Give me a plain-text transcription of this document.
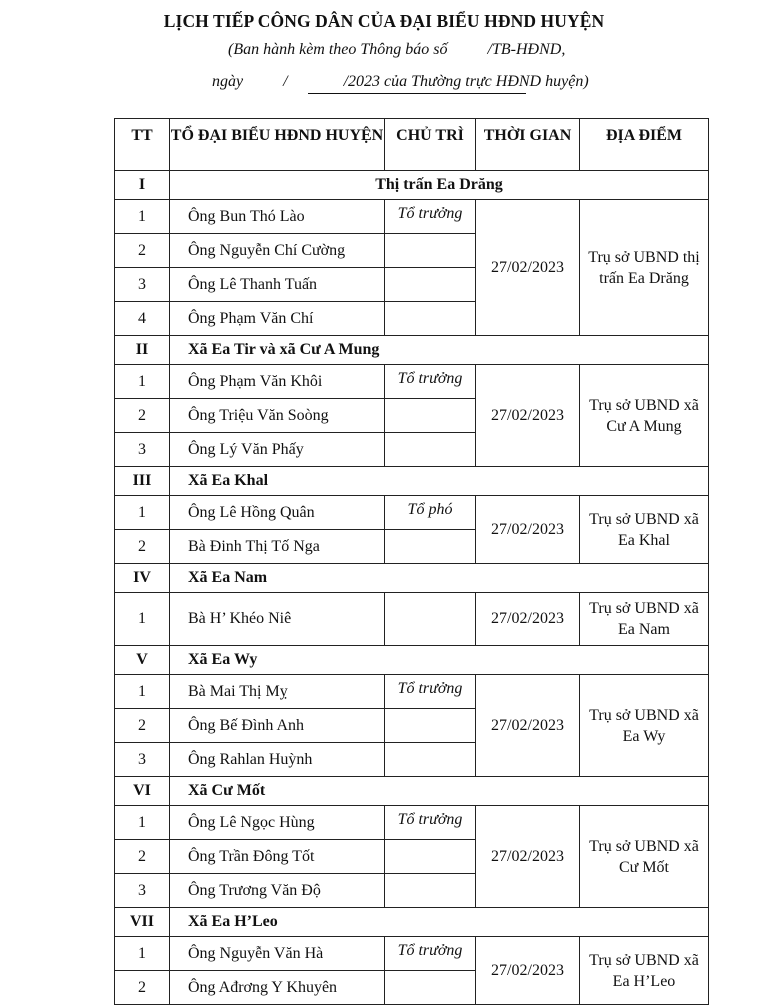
LỊCH TIẾP CÔNG DÂN CỦA ĐẠI BIỂU HĐND HUYỆN
(Ban hành kèm theo Thông báo số	/TB-HĐND,
ngày	/	/2023 của Thường trực HĐND huyện)
TT	TỔ ĐẠI BIỂU HĐND HUYỆN	CHỦ TRÌ	THỜI GIAN	ĐỊA ĐIỂM
I	Thị trấn Ea Drăng			
1	Ông Bun Thó Lào	Tổ trưởng	27/02/2023	Trụ sở UBND thị trấn Ea Drăng
2	Ông Nguyễn Chí Cường			
3	Ông Lê Thanh Tuấn			
4	Ông Phạm Văn Chí			
II	Xã Ea Tir và xã Cư A Mung			
1	Ông Phạm Văn Khôi	Tổ trưởng	27/02/2023	Trụ sở UBND xã Cư A Mung
2	Ông Triệu Văn Soòng			
3	Ông Lý Văn Phấy			
III	Xã Ea Khal			
1	Ông Lê Hồng Quân	Tổ phó	27/02/2023	Trụ sở UBND xã Ea Khal
2	Bà Đinh Thị Tố Nga			
IV	Xã Ea Nam			
1	Bà H’ Khéo Niê		27/02/2023	Trụ sở UBND xã Ea Nam
V	Xã Ea Wy			
1	Bà Mai Thị Mỵ	Tổ trưởng	27/02/2023	Trụ sở UBND xã Ea Wy
2	Ông Bế Đình Anh			
3	Ông Rahlan Huỳnh			
VI	Xã Cư Mốt			
1	Ông Lê Ngọc Hùng	Tổ trưởng	27/02/2023	Trụ sở UBND xã Cư Mốt
2	Ông Trần Đông Tốt			
3	Ông Trương Văn Độ			
VII	Xã Ea H’Leo			
1	Ông Nguyễn Văn Hà	Tổ trưởng	27/02/2023	Trụ sở UBND xã Ea H’Leo
2	Ông Ađrơng Y Khuyên			
